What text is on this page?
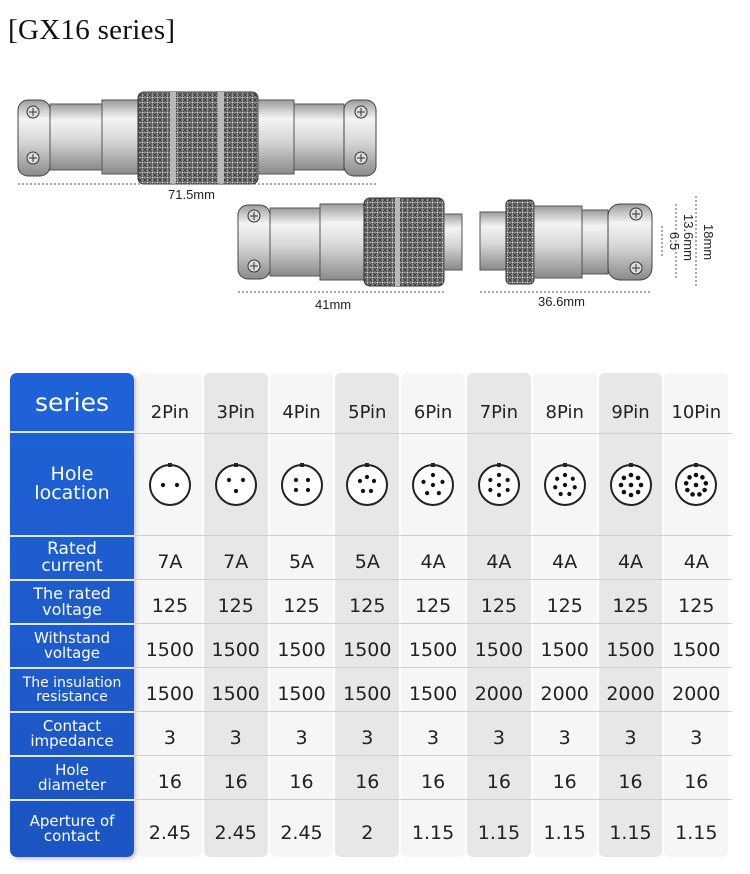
[GX16 series]
71.5mm
41mm	36.6mm
18mm
13.6mm
6.5
series
Hole location
Rated current
The rated voltage
Withstand voltage
The insulation resistance
Contact impedance
Hole diameter
Aperture of contact
2Pin
7A
125
1500
1500
3
16
2.45
3Pin
7A
125
1500
1500
3
16
2.45
4Pin
5A
125
1500
1500
3
16
2.45
5Pin
5A
125
1500
1500
3
16
2
6Pin
4A
125
1500
1500
3
16
1.15
7Pin
4A
125
1500
2000
3
16
1.15
8Pin
4A
125
1500
2000
3
16
1.15
9Pin
4A
125
1500
2000
3
16
1.15
10Pin
4A
125
1500
2000
3
16
1.15
